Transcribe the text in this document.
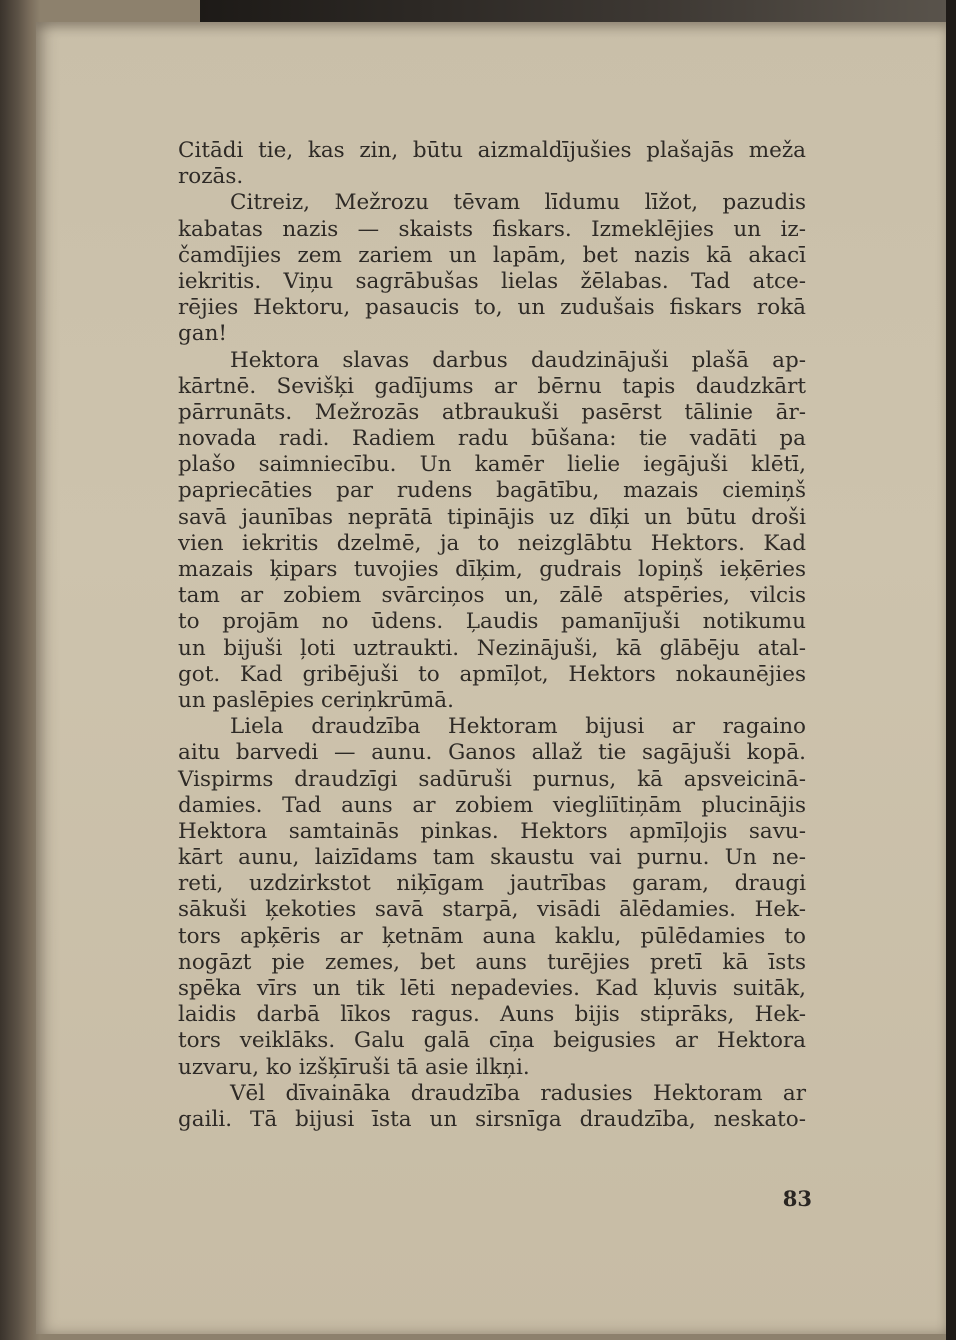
Citādi tie, kas zin, būtu aizmaldījušies plašajās meža
rozās.
Citreiz, Mežrozu tēvam līdumu līžot, pazudis
kabatas nazis — skaists fiskars. Izmeklējies un iz-
čamdījies zem zariem un lapām, bet nazis kā akacī
iekritis. Viņu sagrābušas lielas žēlabas. Tad atce-
rējies Hektoru, pasaucis to, un zudušais fiskars rokā
gan!
Hektora slavas darbus daudzinājuši plašā ap-
kārtnē. Sevišķi gadījums ar bērnu tapis daudzkārt
pārrunāts. Mežrozās atbraukuši pasērst tālinie ār-
novada radi. Radiem radu būšana: tie vadāti pa
plašo saimniecību. Un kamēr lielie iegājuši klētī,
papriecāties par rudens bagātību, mazais ciemiņš
savā jaunības neprātā tipinājis uz dīķi un būtu droši
vien iekritis dzelmē, ja to neizglābtu Hektors. Kad
mazais ķipars tuvojies dīķim, gudrais lopiņš ieķēries
tam ar zobiem svārciņos un, zālē atspēries, vilcis
to projām no ūdens. Ļaudis pamanījuši notikumu
un bijuši ļoti uztraukti. Nezinājuši, kā glābēju atal-
got. Kad gribējuši to apmīļot, Hektors nokaunējies
un paslēpies ceriņkrūmā.
Liela draudzība Hektoram bijusi ar ragaino
aitu barvedi — aunu. Ganos allaž tie sagājuši kopā.
Vispirms draudzīgi sadūruši purnus, kā apsveicinā-
damies. Tad auns ar zobiem viegliītiņām plucinājis
Hektora samtainās pinkas. Hektors apmīļojis savu-
kārt aunu, laizīdams tam skaustu vai purnu. Un ne-
reti, uzdzirkstot niķīgam jautrības garam, draugi
sākuši ķekoties savā starpā, visādi ālēdamies. Hek-
tors apķēris ar ķetnām auna kaklu, pūlēdamies to
nogāzt pie zemes, bet auns turējies pretī kā īsts
spēka vīrs un tik lēti nepadevies. Kad kļuvis suitāk,
laidis darbā līkos ragus. Auns bijis stiprāks, Hek-
tors veiklāks. Galu galā cīņa beigusies ar Hektora
uzvaru, ko izšķīruši tā asie ilkņi.
Vēl dīvaināka draudzība radusies Hektoram ar
gaili. Tā bijusi īsta un sirsnīga draudzība, neskato-
83
